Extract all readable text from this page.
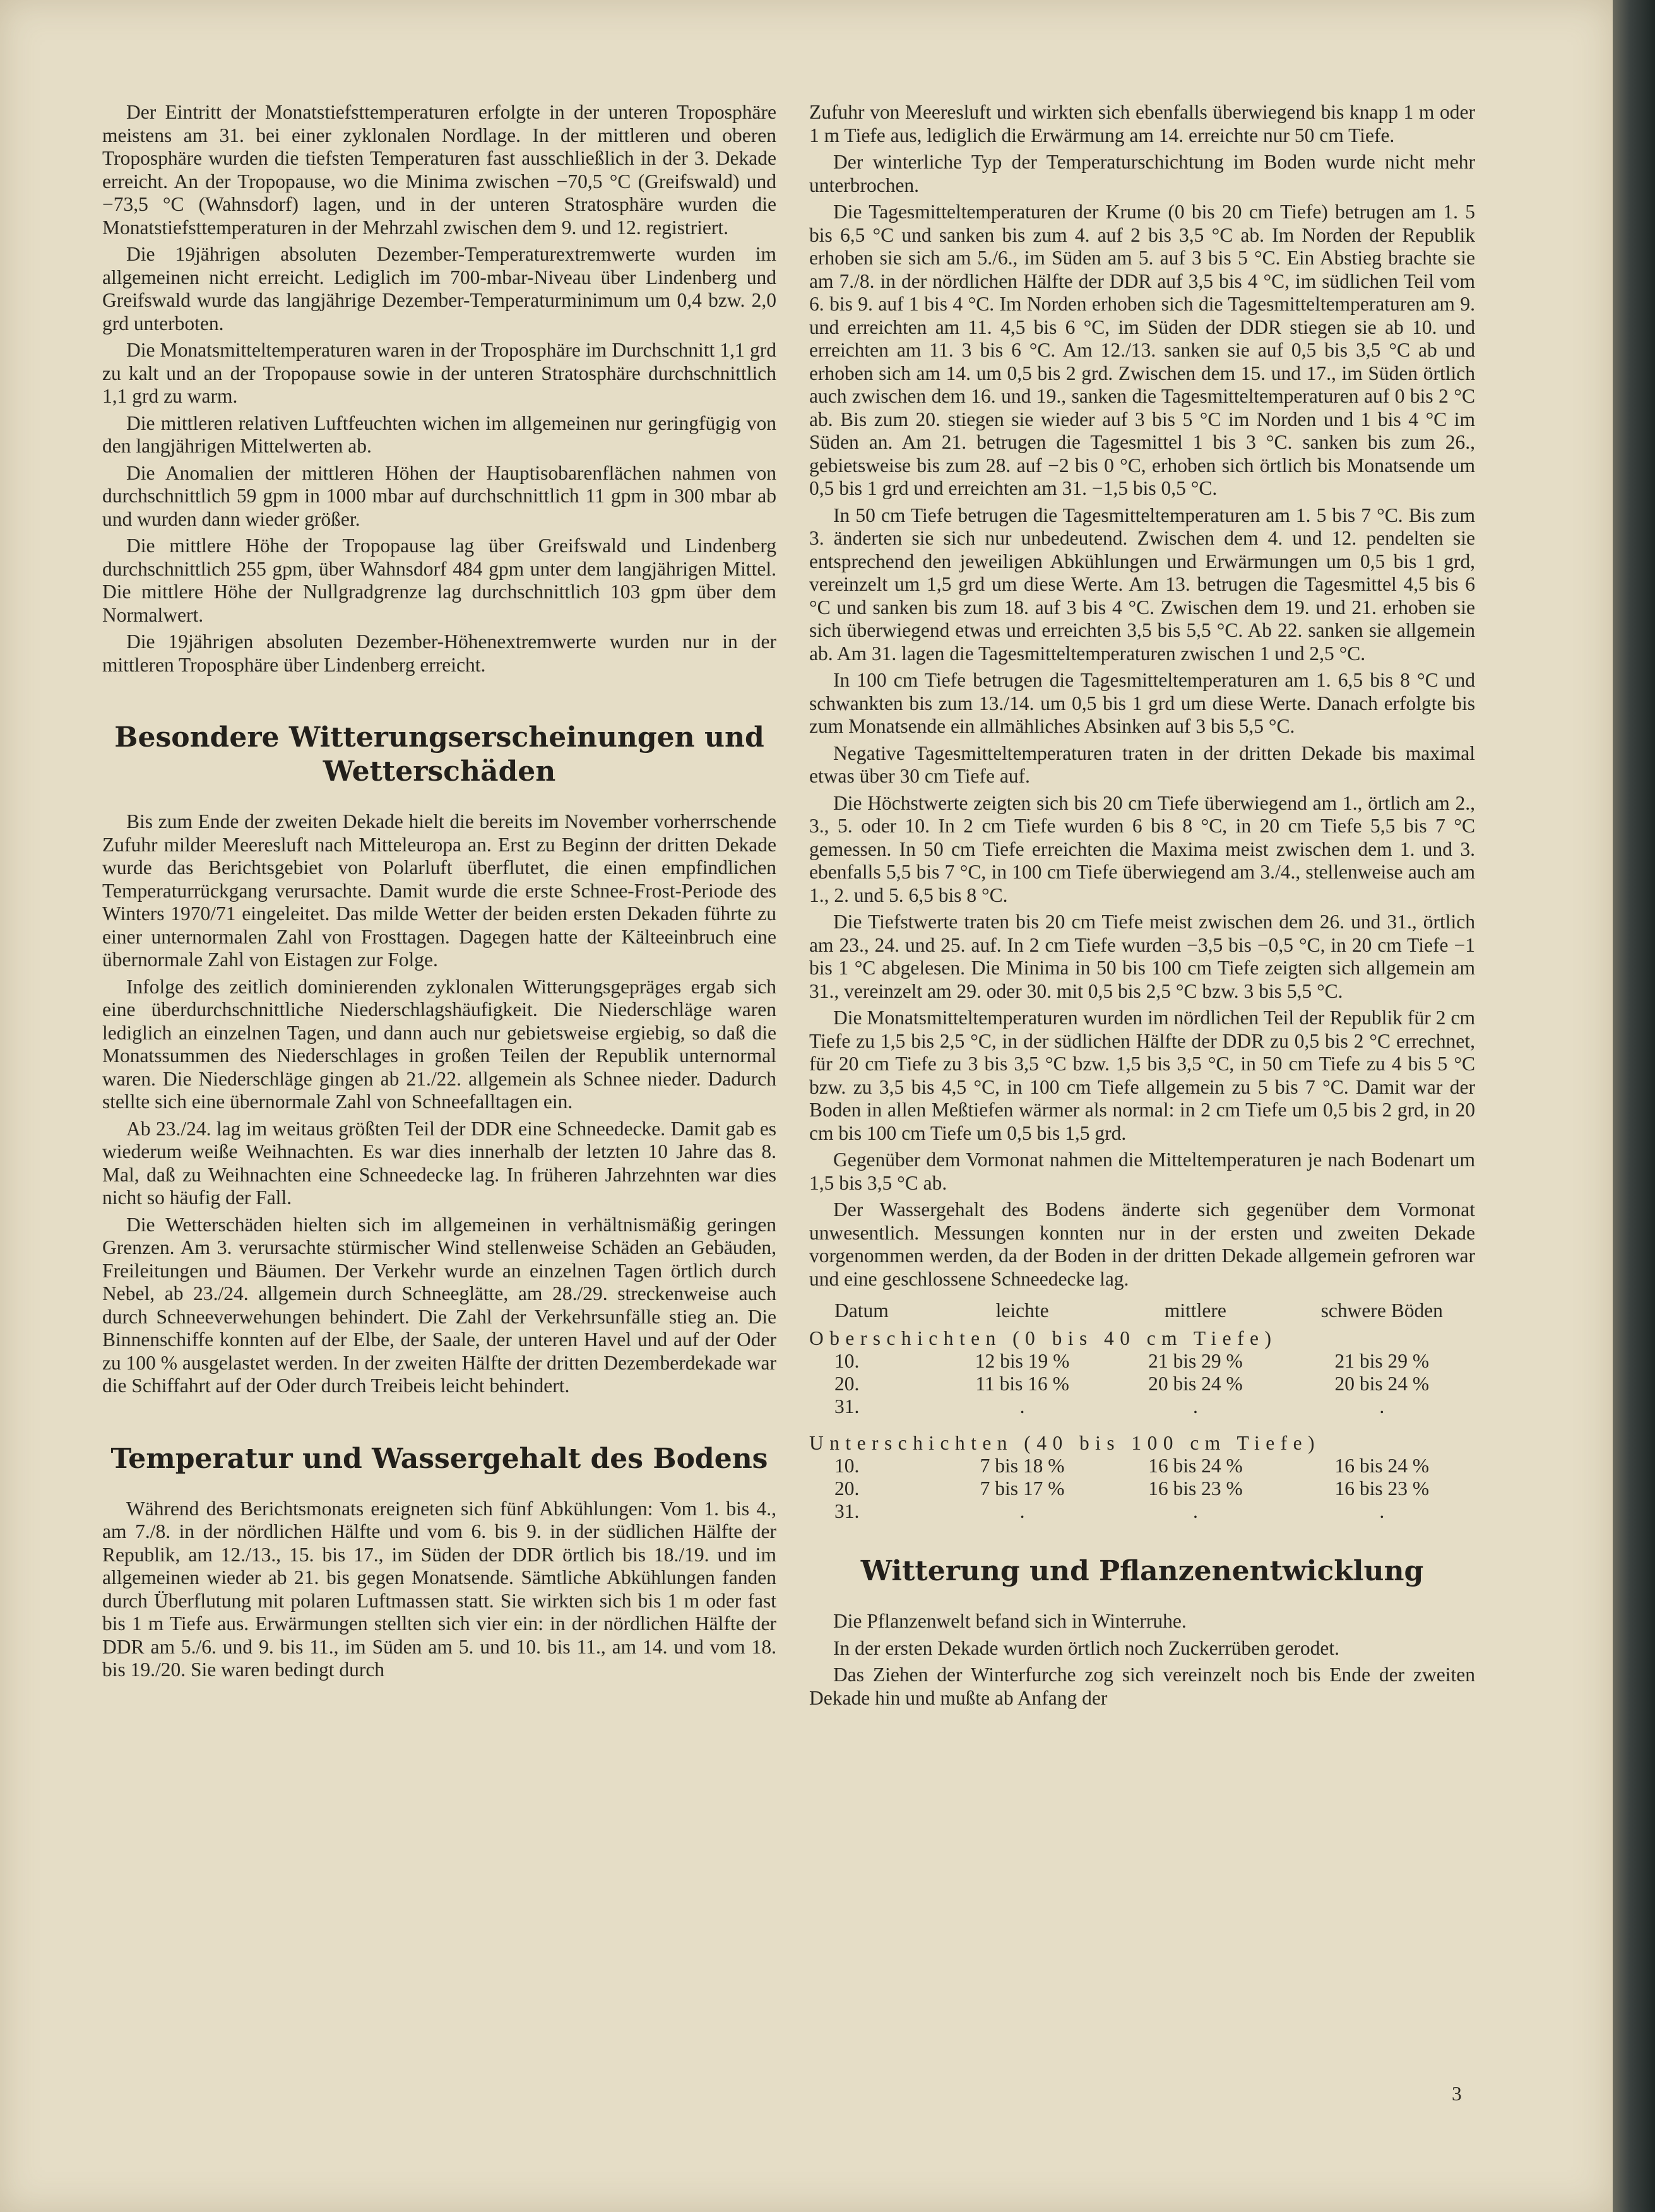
Der Eintritt der Monatstiefsttemperaturen erfolgte in der unteren Troposphäre meistens am 31. bei einer zyklonalen Nordlage. In der mittleren und oberen Troposphäre wurden die tiefsten Temperaturen fast ausschließlich in der 3. Dekade erreicht. An der Tropopause, wo die Minima zwischen −70,5 °C (Greifswald) und −73,5 °C (Wahnsdorf) lagen, und in der unteren Stratosphäre wurden die Monatstiefsttemperaturen in der Mehrzahl zwischen dem 9. und 12. registriert.

Die 19jährigen absoluten Dezember-Temperaturextremwerte wurden im allgemeinen nicht erreicht. Lediglich im 700-mbar-Niveau über Lindenberg und Greifswald wurde das langjährige Dezember-Temperaturminimum um 0,4 bzw. 2,0 grd unterboten.

Die Monatsmitteltemperaturen waren in der Troposphäre im Durchschnitt 1,1 grd zu kalt und an der Tropopause sowie in der unteren Stratosphäre durchschnittlich 1,1 grd zu warm.

Die mittleren relativen Luftfeuchten wichen im allgemeinen nur geringfügig von den langjährigen Mittelwerten ab.

Die Anomalien der mittleren Höhen der Hauptisobarenflächen nahmen von durchschnittlich 59 gpm in 1000 mbar auf durchschnittlich 11 gpm in 300 mbar ab und wurden dann wieder größer.

Die mittlere Höhe der Tropopause lag über Greifswald und Lindenberg durchschnittlich 255 gpm, über Wahnsdorf 484 gpm unter dem langjährigen Mittel. Die mittlere Höhe der Nullgradgrenze lag durchschnittlich 103 gpm über dem Normalwert.

Die 19jährigen absoluten Dezember-Höhenextremwerte wurden nur in der mittleren Troposphäre über Lindenberg erreicht.

Besondere Witterungserscheinungen und Wetterschäden

Bis zum Ende der zweiten Dekade hielt die bereits im November vorherrschende Zufuhr milder Meeresluft nach Mitteleuropa an. Erst zu Beginn der dritten Dekade wurde das Berichtsgebiet von Polarluft überflutet, die einen empfindlichen Temperaturrückgang verursachte. Damit wurde die erste Schnee-Frost-Periode des Winters 1970/71 eingeleitet. Das milde Wetter der beiden ersten Dekaden führte zu einer unternormalen Zahl von Frosttagen. Dagegen hatte der Kälteeinbruch eine übernormale Zahl von Eistagen zur Folge.

Infolge des zeitlich dominierenden zyklonalen Witterungsgepräges ergab sich eine überdurchschnittliche Niederschlagshäufigkeit. Die Niederschläge waren lediglich an einzelnen Tagen, und dann auch nur gebietsweise ergiebig, so daß die Monatssummen des Niederschlages in großen Teilen der Republik unternormal waren. Die Niederschläge gingen ab 21./22. allgemein als Schnee nieder. Dadurch stellte sich eine übernormale Zahl von Schneefalltagen ein.

Ab 23./24. lag im weitaus größten Teil der DDR eine Schneedecke. Damit gab es wiederum weiße Weihnachten. Es war dies innerhalb der letzten 10 Jahre das 8. Mal, daß zu Weihnachten eine Schneedecke lag. In früheren Jahrzehnten war dies nicht so häufig der Fall.

Die Wetterschäden hielten sich im allgemeinen in verhältnismäßig geringen Grenzen. Am 3. verursachte stürmischer Wind stellenweise Schäden an Gebäuden, Freileitungen und Bäumen. Der Verkehr wurde an einzelnen Tagen örtlich durch Nebel, ab 23./24. allgemein durch Schneeglätte, am 28./29. streckenweise auch durch Schneeverwehungen behindert. Die Zahl der Verkehrsunfälle stieg an. Die Binnenschiffe konnten auf der Elbe, der Saale, der unteren Havel und auf der Oder zu 100 % ausgelastet werden. In der zweiten Hälfte der dritten Dezemberdekade war die Schiffahrt auf der Oder durch Treibeis leicht behindert.

Temperatur und Wassergehalt des Bodens

Während des Berichtsmonats ereigneten sich fünf Abkühlungen: Vom 1. bis 4., am 7./8. in der nördlichen Hälfte und vom 6. bis 9. in der südlichen Hälfte der Republik, am 12./13., 15. bis 17., im Süden der DDR örtlich bis 18./19. und im allgemeinen wieder ab 21. bis gegen Monatsende. Sämtliche Abkühlungen fanden durch Überflutung mit polaren Luftmassen statt. Sie wirkten sich bis 1 m oder fast bis 1 m Tiefe aus. Erwärmungen stellten sich vier ein: in der nördlichen Hälfte der DDR am 5./6. und 9. bis 11., im Süden am 5. und 10. bis 11., am 14. und vom 18. bis 19./20. Sie waren bedingt durch

Zufuhr von Meeresluft und wirkten sich ebenfalls überwiegend bis knapp 1 m oder 1 m Tiefe aus, lediglich die Erwärmung am 14. erreichte nur 50 cm Tiefe.

Der winterliche Typ der Temperaturschichtung im Boden wurde nicht mehr unterbrochen.

Die Tagesmitteltemperaturen der Krume (0 bis 20 cm Tiefe) betrugen am 1. 5 bis 6,5 °C und sanken bis zum 4. auf 2 bis 3,5 °C ab. Im Norden der Republik erhoben sie sich am 5./6., im Süden am 5. auf 3 bis 5 °C. Ein Abstieg brachte sie am 7./8. in der nördlichen Hälfte der DDR auf 3,5 bis 4 °C, im südlichen Teil vom 6. bis 9. auf 1 bis 4 °C. Im Norden erhoben sich die Tagesmitteltemperaturen am 9. und erreichten am 11. 4,5 bis 6 °C, im Süden der DDR stiegen sie ab 10. und erreichten am 11. 3 bis 6 °C. Am 12./13. sanken sie auf 0,5 bis 3,5 °C ab und erhoben sich am 14. um 0,5 bis 2 grd. Zwischen dem 15. und 17., im Süden örtlich auch zwischen dem 16. und 19., sanken die Tagesmitteltemperaturen auf 0 bis 2 °C ab. Bis zum 20. stiegen sie wieder auf 3 bis 5 °C im Norden und 1 bis 4 °C im Süden an. Am 21. betrugen die Tagesmittel 1 bis 3 °C. sanken bis zum 26., gebietsweise bis zum 28. auf −2 bis 0 °C, erhoben sich örtlich bis Monatsende um 0,5 bis 1 grd und erreichten am 31. −1,5 bis 0,5 °C.

In 50 cm Tiefe betrugen die Tagesmitteltemperaturen am 1. 5 bis 7 °C. Bis zum 3. änderten sie sich nur unbedeutend. Zwischen dem 4. und 12. pendelten sie entsprechend den jeweiligen Abkühlungen und Erwärmungen um 0,5 bis 1 grd, vereinzelt um 1,5 grd um diese Werte. Am 13. betrugen die Tagesmittel 4,5 bis 6 °C und sanken bis zum 18. auf 3 bis 4 °C. Zwischen dem 19. und 21. erhoben sie sich überwiegend etwas und erreichten 3,5 bis 5,5 °C. Ab 22. sanken sie allgemein ab. Am 31. lagen die Tagesmitteltemperaturen zwischen 1 und 2,5 °C.

In 100 cm Tiefe betrugen die Tagesmitteltemperaturen am 1. 6,5 bis 8 °C und schwankten bis zum 13./14. um 0,5 bis 1 grd um diese Werte. Danach erfolgte bis zum Monatsende ein allmähliches Absinken auf 3 bis 5,5 °C.

Negative Tagesmitteltemperaturen traten in der dritten Dekade bis maximal etwas über 30 cm Tiefe auf.

Die Höchstwerte zeigten sich bis 20 cm Tiefe überwiegend am 1., örtlich am 2., 3., 5. oder 10. In 2 cm Tiefe wurden 6 bis 8 °C, in 20 cm Tiefe 5,5 bis 7 °C gemessen. In 50 cm Tiefe erreichten die Maxima meist zwischen dem 1. und 3. ebenfalls 5,5 bis 7 °C, in 100 cm Tiefe überwiegend am 3./4., stellenweise auch am 1., 2. und 5. 6,5 bis 8 °C.

Die Tiefstwerte traten bis 20 cm Tiefe meist zwischen dem 26. und 31., örtlich am 23., 24. und 25. auf. In 2 cm Tiefe wurden −3,5 bis −0,5 °C, in 20 cm Tiefe −1 bis 1 °C abgelesen. Die Minima in 50 bis 100 cm Tiefe zeigten sich allgemein am 31., vereinzelt am 29. oder 30. mit 0,5 bis 2,5 °C bzw. 3 bis 5,5 °C.

Die Monatsmitteltemperaturen wurden im nördlichen Teil der Republik für 2 cm Tiefe zu 1,5 bis 2,5 °C, in der südlichen Hälfte der DDR zu 0,5 bis 2 °C errechnet, für 20 cm Tiefe zu 3 bis 3,5 °C bzw. 1,5 bis 3,5 °C, in 50 cm Tiefe zu 4 bis 5 °C bzw. zu 3,5 bis 4,5 °C, in 100 cm Tiefe allgemein zu 5 bis 7 °C. Damit war der Boden in allen Meßtiefen wärmer als normal: in 2 cm Tiefe um 0,5 bis 2 grd, in 20 cm bis 100 cm Tiefe um 0,5 bis 1,5 grd.

Gegenüber dem Vormonat nahmen die Mitteltemperaturen je nach Bodenart um 1,5 bis 3,5 °C ab.

Der Wassergehalt des Bodens änderte sich gegenüber dem Vormonat unwesentlich. Messungen konnten nur in der ersten und zweiten Dekade vorgenommen werden, da der Boden in der dritten Dekade allgemein gefroren war und eine geschlossene Schneedecke lag.

Datum	leichte	mittlere	schwere Böden
Oberschichten (0 bis 40 cm Tiefe)			
10.	12 bis 19 %	21 bis 29 %	21 bis 29 %
20.	11 bis 16 %	20 bis 24 %	20 bis 24 %
31.	.	.	.
Unterschichten (40 bis 100 cm Tiefe)			
10.	7 bis 18 %	16 bis 24 %	16 bis 24 %
20.	7 bis 17 %	16 bis 23 %	16 bis 23 %
31.	.	.	.
Witterung und Pflanzenentwicklung

Die Pflanzenwelt befand sich in Winterruhe.

In der ersten Dekade wurden örtlich noch Zuckerrüben gerodet.

Das Ziehen der Winterfurche zog sich vereinzelt noch bis Ende der zweiten Dekade hin und mußte ab Anfang der

3
